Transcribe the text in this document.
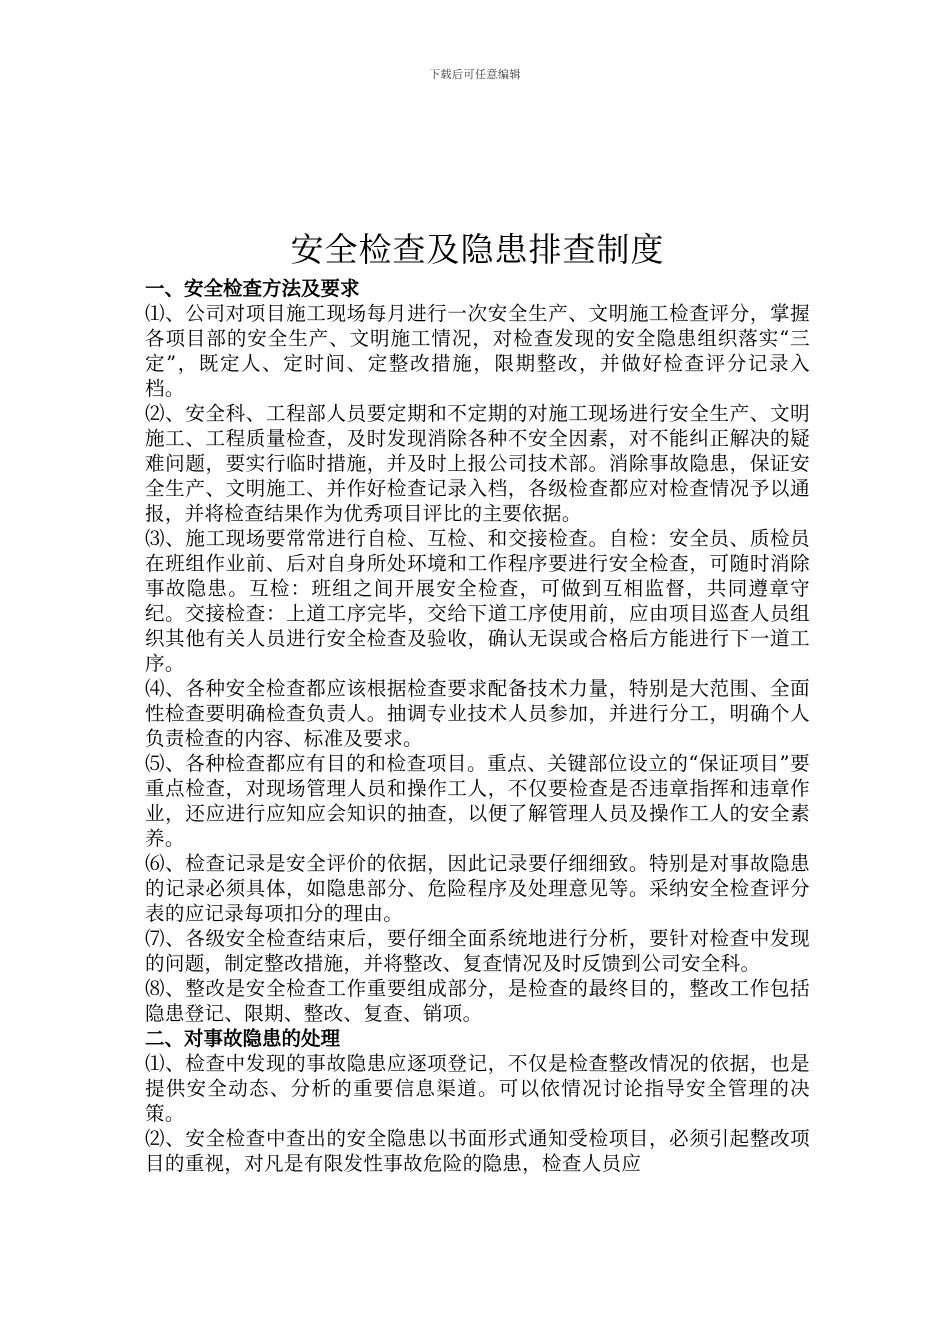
下载后可任意编辑
安全检查及隐患排查制度

一、安全检查方法及要求

⑴、公司对项目施工现场每月进行一次安全生产、文明施工检查评分，掌握各项目部的安全生产、文明施工情况，对检查发现的安全隐患组织落实“三定”，既定人、定时间、定整改措施，限期整改，并做好检查评分记录入档。

⑵、安全科、工程部人员要定期和不定期的对施工现场进行安全生产、文明施工、工程质量检查，及时发现消除各种不安全因素，对不能纠正解决的疑难问题，要实行临时措施，并及时上报公司技术部。消除事故隐患，保证安全生产、文明施工、并作好检查记录入档，各级检查都应对检查情况予以通报，并将检查结果作为优秀项目评比的主要依据。

⑶、施工现场要常常进行自检、互检、和交接检查。自检：安全员、质检员在班组作业前、后对自身所处环境和工作程序要进行安全检查，可随时消除事故隐患。互检：班组之间开展安全检查，可做到互相监督，共同遵章守纪。交接检查：上道工序完毕，交给下道工序使用前，应由项目巡查人员组织其他有关人员进行安全检查及验收，确认无误或合格后方能进行下一道工序。

⑷、各种安全检查都应该根据检查要求配备技术力量，特别是大范围、全面性检查要明确检查负责人。抽调专业技术人员参加，并进行分工，明确个人负责检查的内容、标准及要求。

⑸、各种检查都应有目的和检查项目。重点、关键部位设立的“保证项目”要重点检查，对现场管理人员和操作工人，不仅要检查是否违章指挥和违章作业，还应进行应知应会知识的抽查，以便了解管理人员及操作工人的安全素养。

⑹、检查记录是安全评价的依据，因此记录要仔细细致。特别是对事故隐患的记录必须具体，如隐患部分、危险程序及处理意见等。采纳安全检查评分表的应记录每项扣分的理由。

⑺、各级安全检查结束后，要仔细全面系统地进行分析，要针对检查中发现的问题，制定整改措施，并将整改、复查情况及时反馈到公司安全科。

⑻、整改是安全检查工作重要组成部分，是检查的最终目的，整改工作包括隐患登记、限期、整改、复查、销项。

二、对事故隐患的处理

⑴、检查中发现的事故隐患应逐项登记，不仅是检查整改情况的依据，也是提供安全动态、分析的重要信息渠道。可以依情况讨论指导安全管理的决策。

⑵、安全检查中查出的安全隐患以书面形式通知受检项目，必须引起整改项目的重视，对凡是有限发性事故危险的隐患，检查人员应
